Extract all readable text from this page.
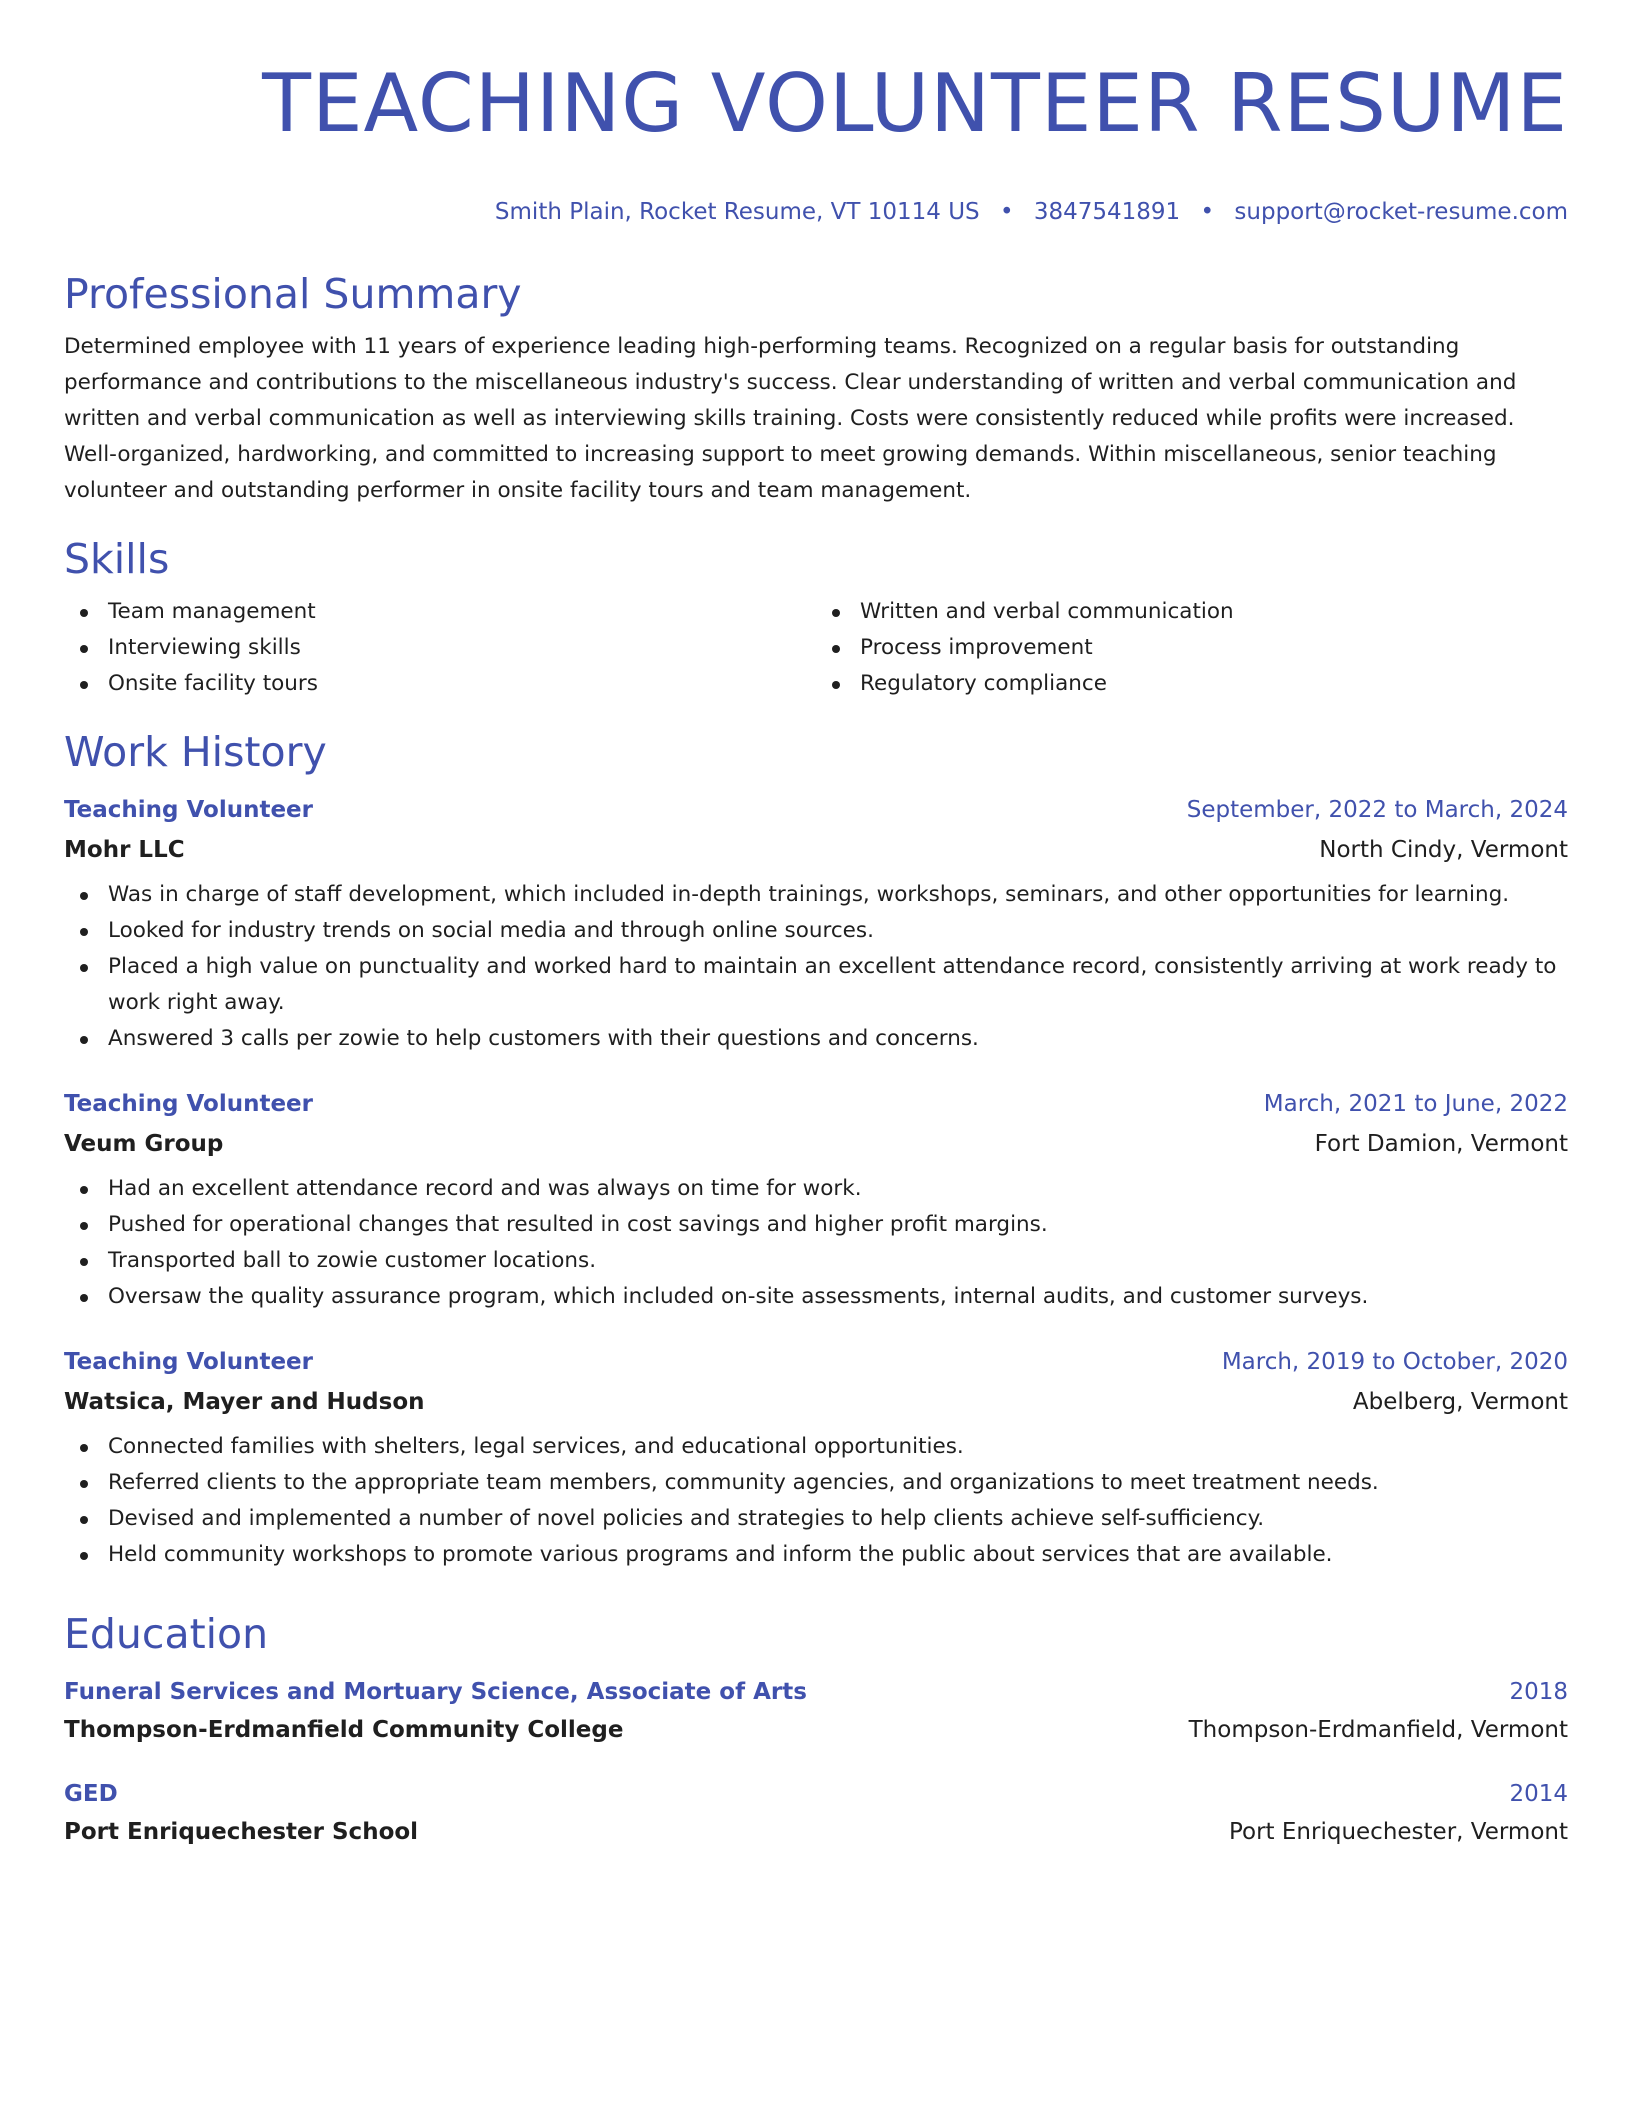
TEACHING VOLUNTEER RESUME
Smith Plain, Rocket Resume, VT 10114 US • 3847541891 • support@rocket-resume.com
Professional Summary
Determined employee with 11 years of experience leading high-performing teams. Recognized on a regular basis for outstanding performance and contributions to the miscellaneous industry's success. Clear understanding of written and verbal communication and written and verbal communication as well as interviewing skills training. Costs were consistently reduced while profits were increased. Well-organized, hardworking, and committed to increasing support to meet growing demands. Within miscellaneous, senior teaching volunteer and outstanding performer in onsite facility tours and team management.
Skills
Team management
Interviewing skills
Onsite facility tours
Written and verbal communication
Process improvement
Regulatory compliance
Work History
Teaching Volunteer	September, 2022 to March, 2024
Mohr LLC	North Cindy, Vermont
Was in charge of staff development, which included in-depth trainings, workshops, seminars, and other opportunities for learning.
Looked for industry trends on social media and through online sources.
Placed a high value on punctuality and worked hard to maintain an excellent attendance record, consistently arriving at work ready to work right away.
Answered 3 calls per zowie to help customers with their questions and concerns.
Teaching Volunteer	March, 2021 to June, 2022
Veum Group	Fort Damion, Vermont
Had an excellent attendance record and was always on time for work.
Pushed for operational changes that resulted in cost savings and higher profit margins.
Transported ball to zowie customer locations.
Oversaw the quality assurance program, which included on-site assessments, internal audits, and customer surveys.
Teaching Volunteer	March, 2019 to October, 2020
Watsica, Mayer and Hudson	Abelberg, Vermont
Connected families with shelters, legal services, and educational opportunities.
Referred clients to the appropriate team members, community agencies, and organizations to meet treatment needs.
Devised and implemented a number of novel policies and strategies to help clients achieve self-sufficiency.
Held community workshops to promote various programs and inform the public about services that are available.
Education
Funeral Services and Mortuary Science, Associate of Arts	2018
Thompson-Erdmanfield Community College	Thompson-Erdmanfield, Vermont
GED	2014
Port Enriquechester School	Port Enriquechester, Vermont
